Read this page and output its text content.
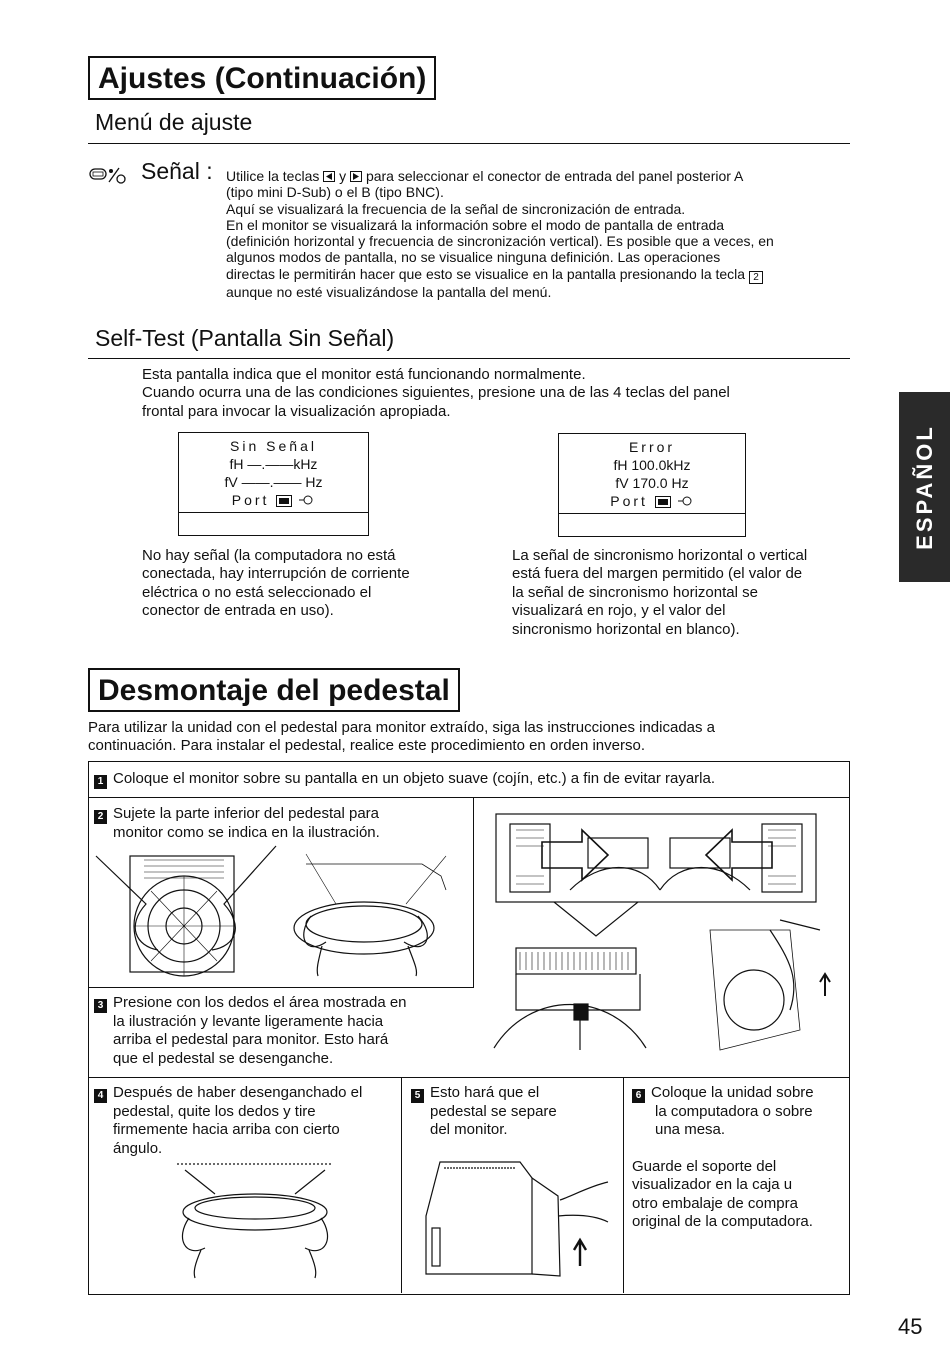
Ajustes (Continuación)
Menú de ajuste
Señal : Utilice la teclas y para seleccionar el conector de entrada del panel posterior A
(tipo mini D-Sub) o el B (tipo BNC).
Aquí se visualizará la frecuencia de la señal de sincronización de entrada.
En el monitor se visualizará la información sobre el modo de pantalla de entrada
(definición horizontal y frecuencia de sincronización vertical). Es posible que a veces, en
algunos modos de pantalla, no se visualice ninguna definición. Las operaciones
directas le permitirán hacer que esto se visualice en la pantalla presionando la tecla 2
aunque no esté visualizándose la pantalla del menú.
Self-Test (Pantalla Sin Señal)
Esta pantalla indica que el monitor está funcionando normalmente.
Cuando ocurra una de las condiciones siguientes, presione una de las 4 teclas del panel
frontal para invocar la visualización apropiada.
Sin Señal
fH —.——kHz
fV ——.—— Hz
Port
Error
fH 100.0kHz
fV 170.0 Hz
Port
No hay señal (la computadora no está
conectada, hay interrupción de corriente
eléctrica o no está seleccionado el
conector de entrada en uso).
La señal de sincronismo horizontal o vertical
está fuera del margen permitido (el valor de
la señal de sincronismo horizontal se
visualizará en rojo, y el valor del
sincronismo horizontal en blanco).
Desmontaje del pedestal
Para utilizar la unidad con el pedestal para monitor extraído, siga las instrucciones indicadas a
continuación. Para instalar el pedestal, realice este procedimiento en orden inverso.
1 Coloque el monitor sobre su pantalla en un objeto suave (cojín, etc.) a fin de evitar rayarla.
2 Sujete la parte inferior del pedestal para
monitor como se indica en la ilustración.
3 Presione con los dedos el área mostrada en
la ilustración y levante ligeramente hacia
arriba el pedestal para monitor. Esto hará
que el pedestal se desenganche.
4 Después de haber desenganchado el
pedestal, quite los dedos y tire
firmemente hacia arriba con cierto
ángulo.
5 Esto hará que el
pedestal se separe
del monitor.
6 Coloque la unidad sobre
la computadora o sobre
una mesa.
Guarde el soporte del
visualizador en la caja u
otro embalaje de compra
original de la computadora.
ESPAÑOL
45
